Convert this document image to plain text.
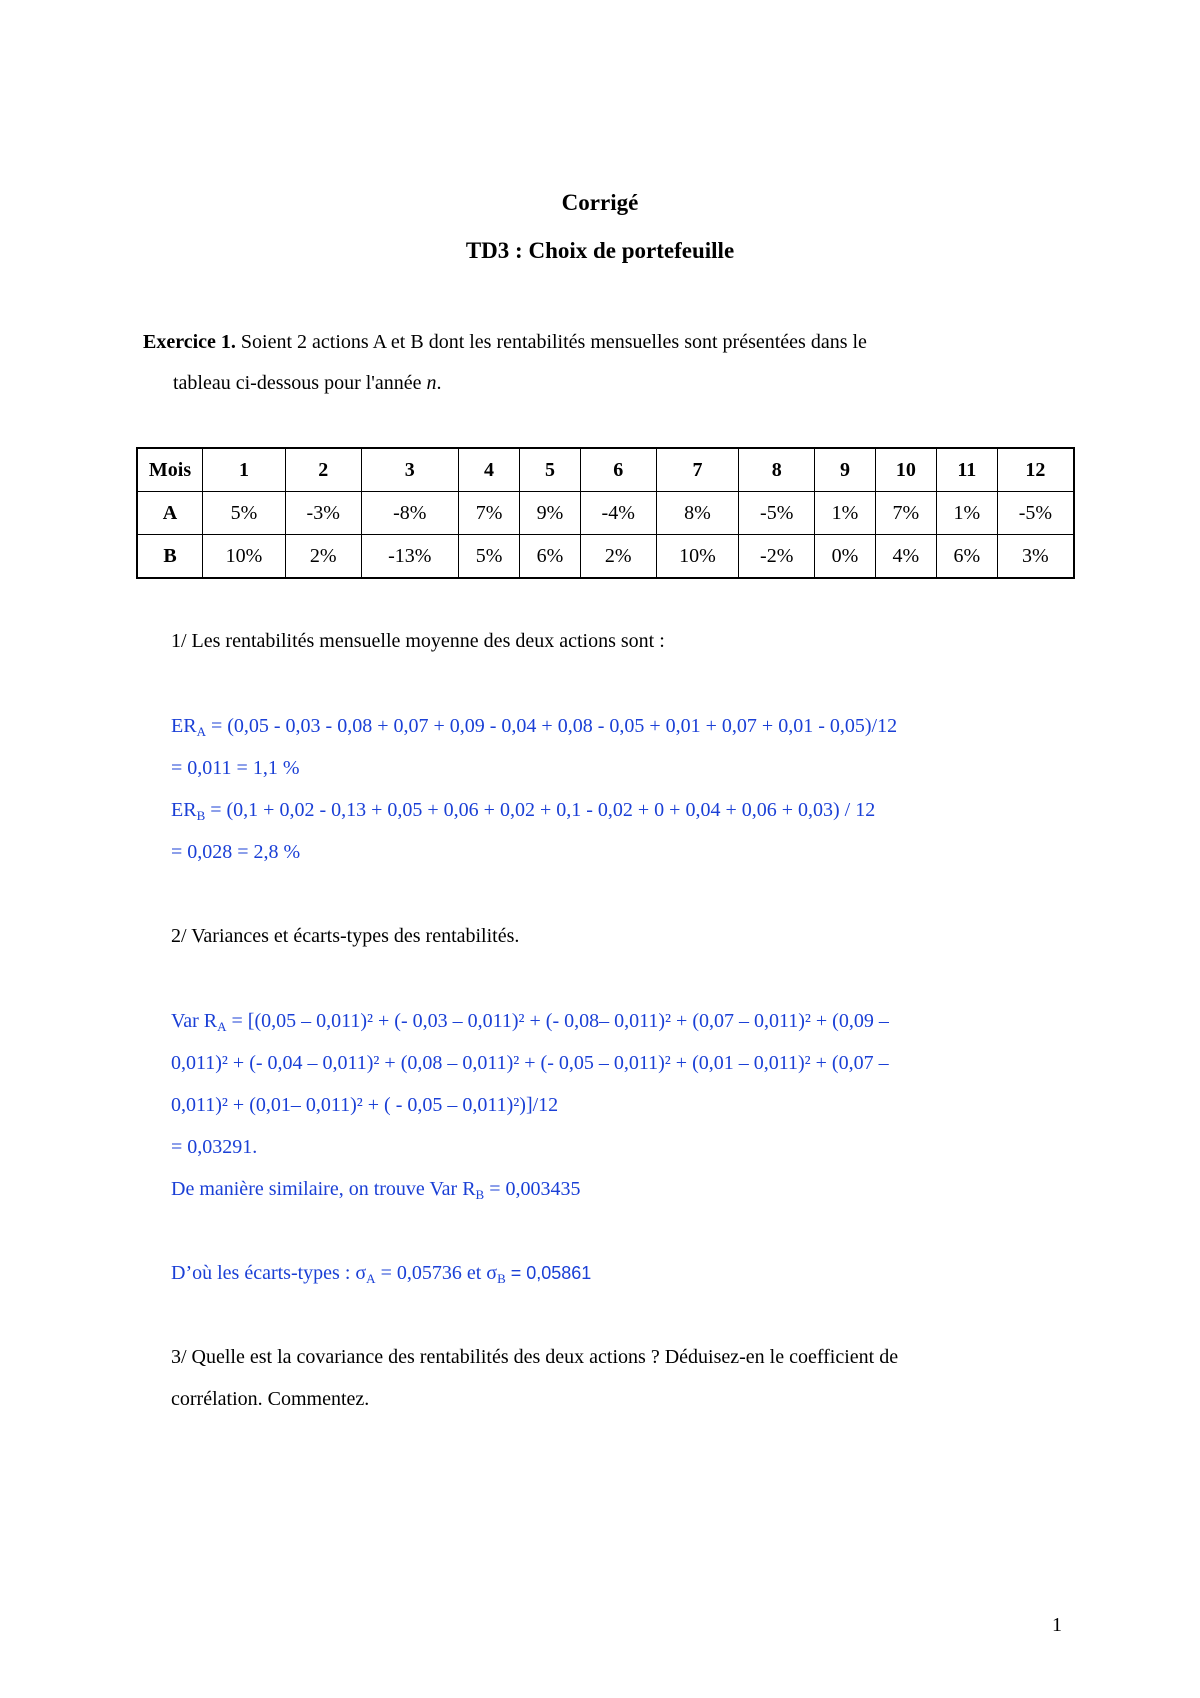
Corrigé
TD3 : Choix de portefeuille
Exercice 1. Soient 2 actions A et B dont les rentabilités mensuelles sont présentées dans le
tableau ci-dessous pour l'année n.
Mois	1	2	3	4	5	6	7	8	9	10	11	12
A	5%	-3%	-8%	7%	9%	-4%	8%	-5%	1%	7%	1%	-5%
B	10%	2%	-13%	5%	6%	2%	10%	-2%	0%	4%	6%	3%
1/ Les rentabilités mensuelle moyenne des deux actions sont :
$ER_A = (0,05 - 0,03 - 0,08 + 0,07 + 0,09 - 0,04 + 0,08 - 0,05 + 0,01 + 0,07 + 0,01 - 0,05)/12$
= 0,011 = 1,1 %
$ER_B = (0,1 + 0,02 - 0,13 + 0,05 + 0,06 + 0,02 + 0,1 - 0,02 + 0 + 0,04 + 0,06 + 0,03) / 12$
= 0,028 = 2,8 %
2/ Variances et écarts-types des rentabilités.
Var $R_A = [(0,05 - 0,011)^2$ + (- 0,03 – 0,011)² + (- 0,08– 0,011)² + (0,07 – 0,011)² + (0,09 –
0,011)² + (- 0,04 – 0,011)² + (0,08 – 0,011)² + (- 0,05 – 0,011)² + (0,01 – 0,011)² + (0,07 –
0,011)² + (0,01– 0,011)² + ( - 0,05 – 0,011)²)]/12
= 0,03291.
De manière similaire, on trouve Var $R_B = 0,003435$
D’où les écarts-types : $\sigma_A = 0,05736$ et $\sigma_B = 0,05861$
3/ Quelle est la covariance des rentabilités des deux actions ? Déduisez-en le coefficient de
corrélation. Commentez.
1
